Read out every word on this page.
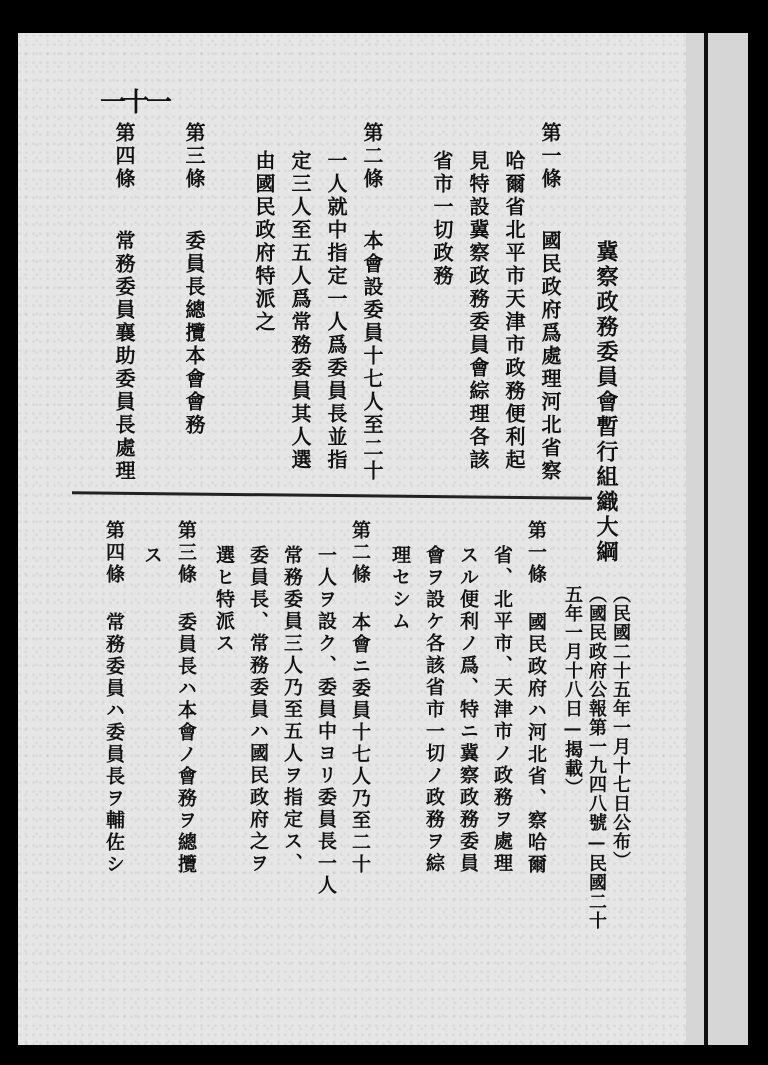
一十一
冀察政務委員會暫行組織大綱
（民國二十五年一月十七日公布）
（國民政府公報第一九四八號—民國二十
五年一月十八日—揭載）
第一條
國民政府爲處理河北省察
哈爾省北平市天津市政務便利起
見特設冀察政務委員會綜理各該
省市一切政務
第二條
本會設委員十七人至二十
一人就中指定一人爲委員長並指
定三人至五人爲常務委員其人選
由國民政府特派之
第三條
委員長總攬本會會務
第四條
常務委員襄助委員長處理
第一條
國民政府ハ河北省、察哈爾
省、北平市、天津市ノ政務ヲ處理
スル便利ノ爲、特ニ冀察政務委員
會ヲ設ケ各該省市一切ノ政務ヲ綜
理セシム
第二條
本會ニ委員十七人乃至二十
一人ヲ設ク、委員中ヨリ委員長一人
常務委員三人乃至五人ヲ指定ス、
委員長、常務委員ハ國民政府之ヲ
選ヒ特派ス
第三條
委員長ハ本會ノ會務ヲ總攬
ス
第四條
常務委員ハ委員長ヲ輔佐シ
